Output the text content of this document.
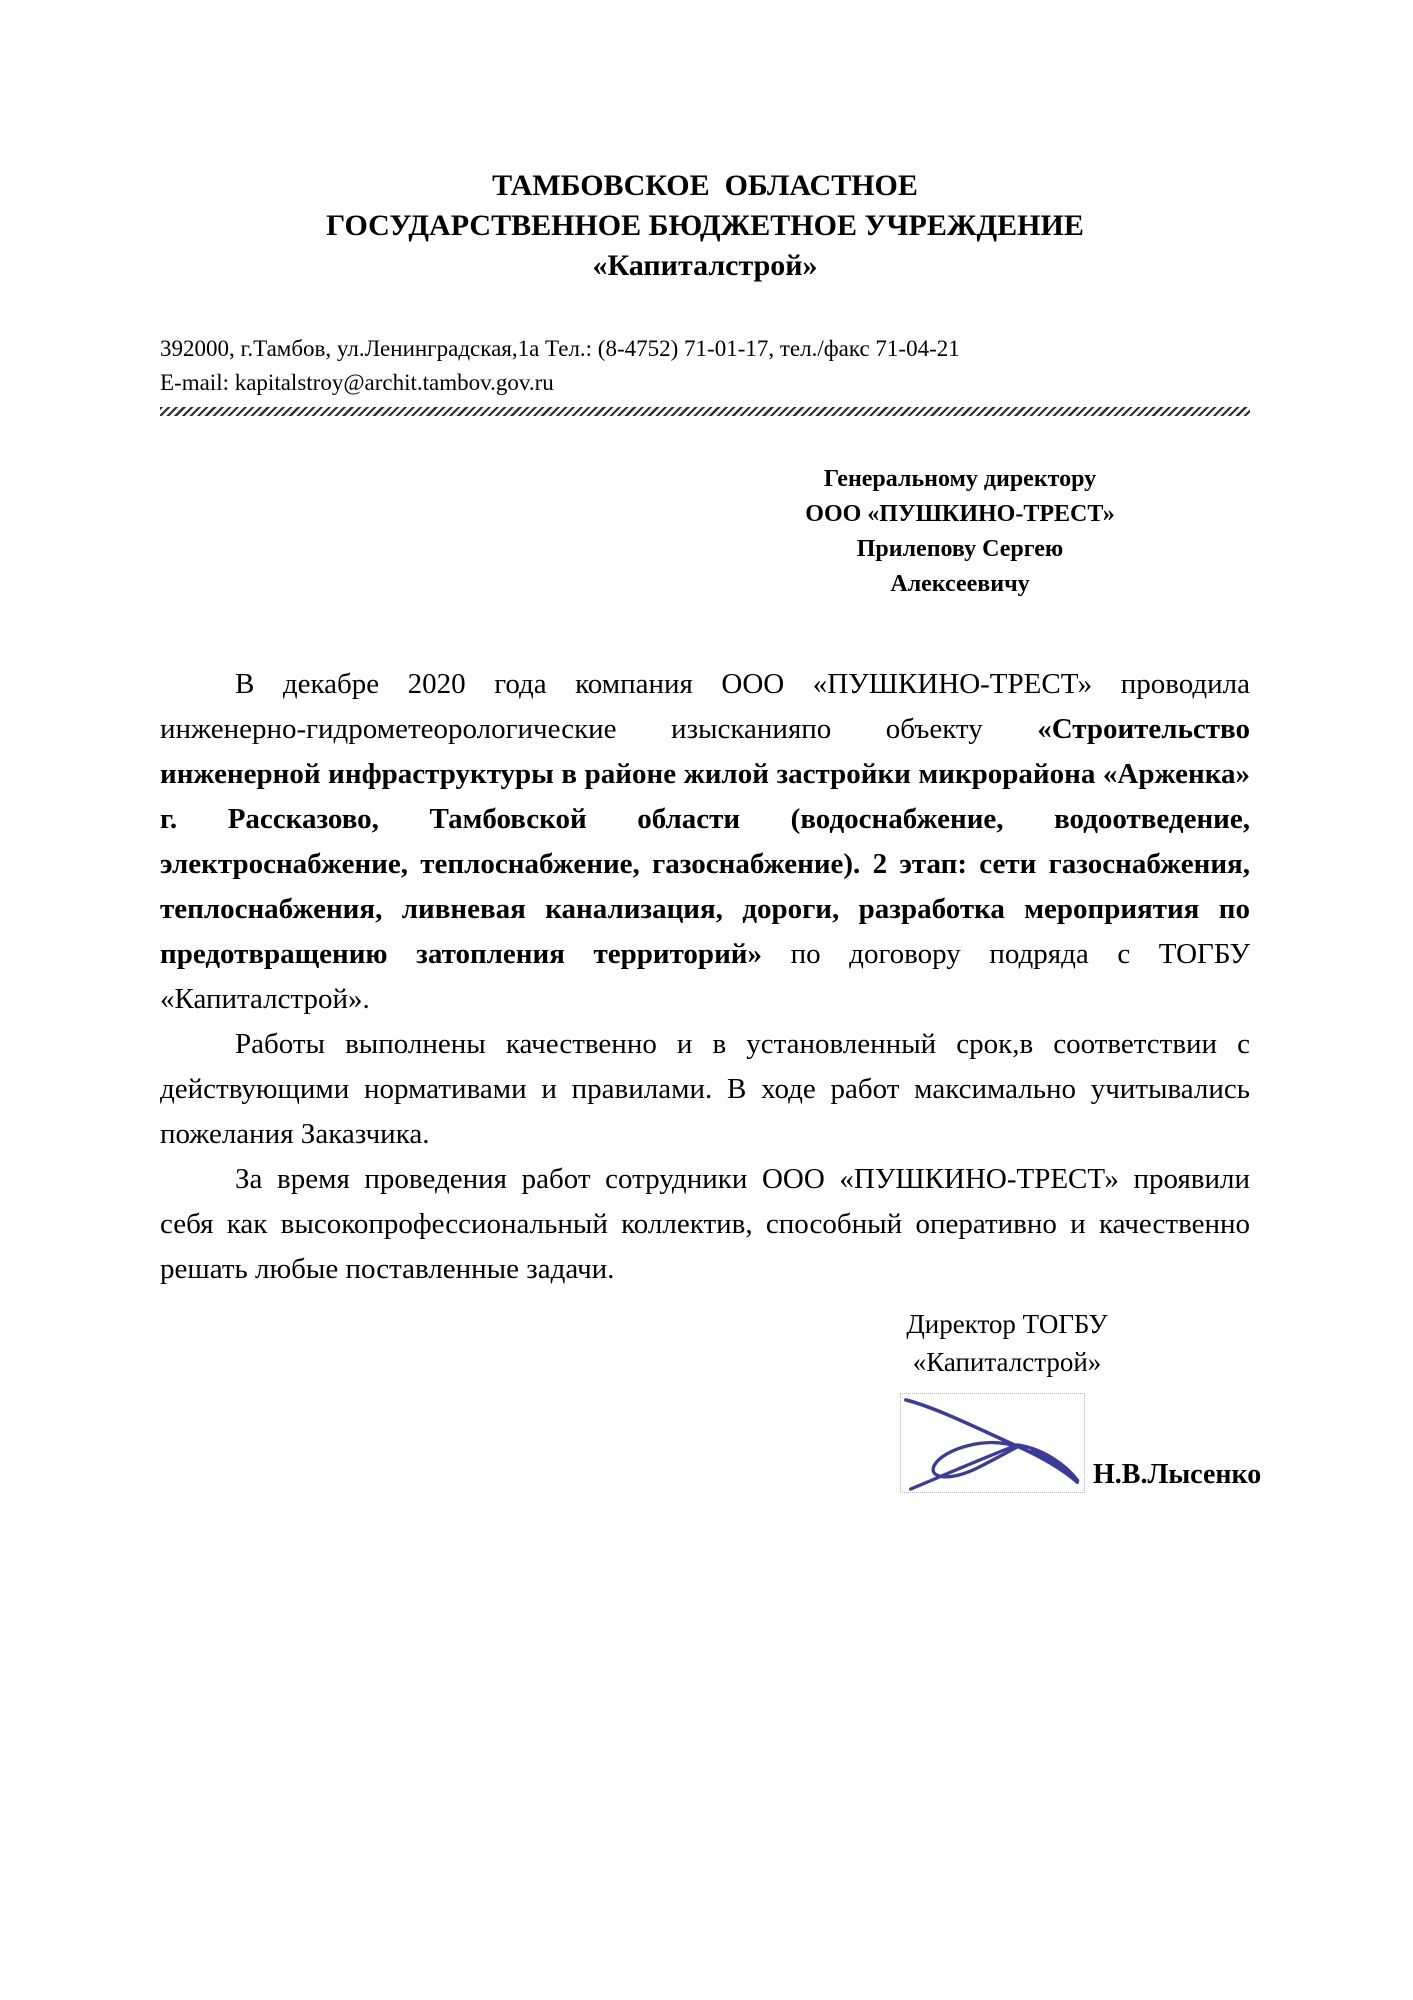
ТАМБОВСКОЕ  ОБЛАСТНОЕ
ГОСУДАРСТВЕННОЕ БЮДЖЕТНОЕ УЧРЕЖДЕНИЕ
«Капиталстрой»
392000, г.Тамбов, ул.Ленинградская,1а Тел.: (8-4752) 71-01-17, тел./факс 71-04-21
E-mail: kapitalstroy@archit.tambov.gov.ru
Генеральному директору
ООО «ПУШКИНО-ТРЕСТ»
Прилепову Сергею Алексеевичу

В декабре 2020 года компания ООО «ПУШКИНО-ТРЕСТ» проводила инженерно-гидрометеорологические изысканияпо объекту «Строительство инженерной инфраструктуры в районе жилой застройки микрорайона «Арженка» г. Рассказово, Тамбовской области (водоснабжение, водоотведение, электроснабжение, теплоснабжение, газоснабжение). 2 этап: сети газоснабжения, теплоснабжения, ливневая канализация, дороги, разработка мероприятия по предотвращению затопления территорий» по договору подряда с ТОГБУ «Капиталстрой».

Работы выполнены качественно и в установленный срок,в соответствии с действующими нормативами и правилами. В ходе работ максимально учитывались пожелания Заказчика.

За время проведения работ сотрудники ООО «ПУШКИНО-ТРЕСТ» проявили себя как высокопрофессиональный коллектив, способный оперативно и качественно решать любые поставленные задачи.

Директор ТОГБУ
«Капиталстрой»
Н.В.Лысенко
